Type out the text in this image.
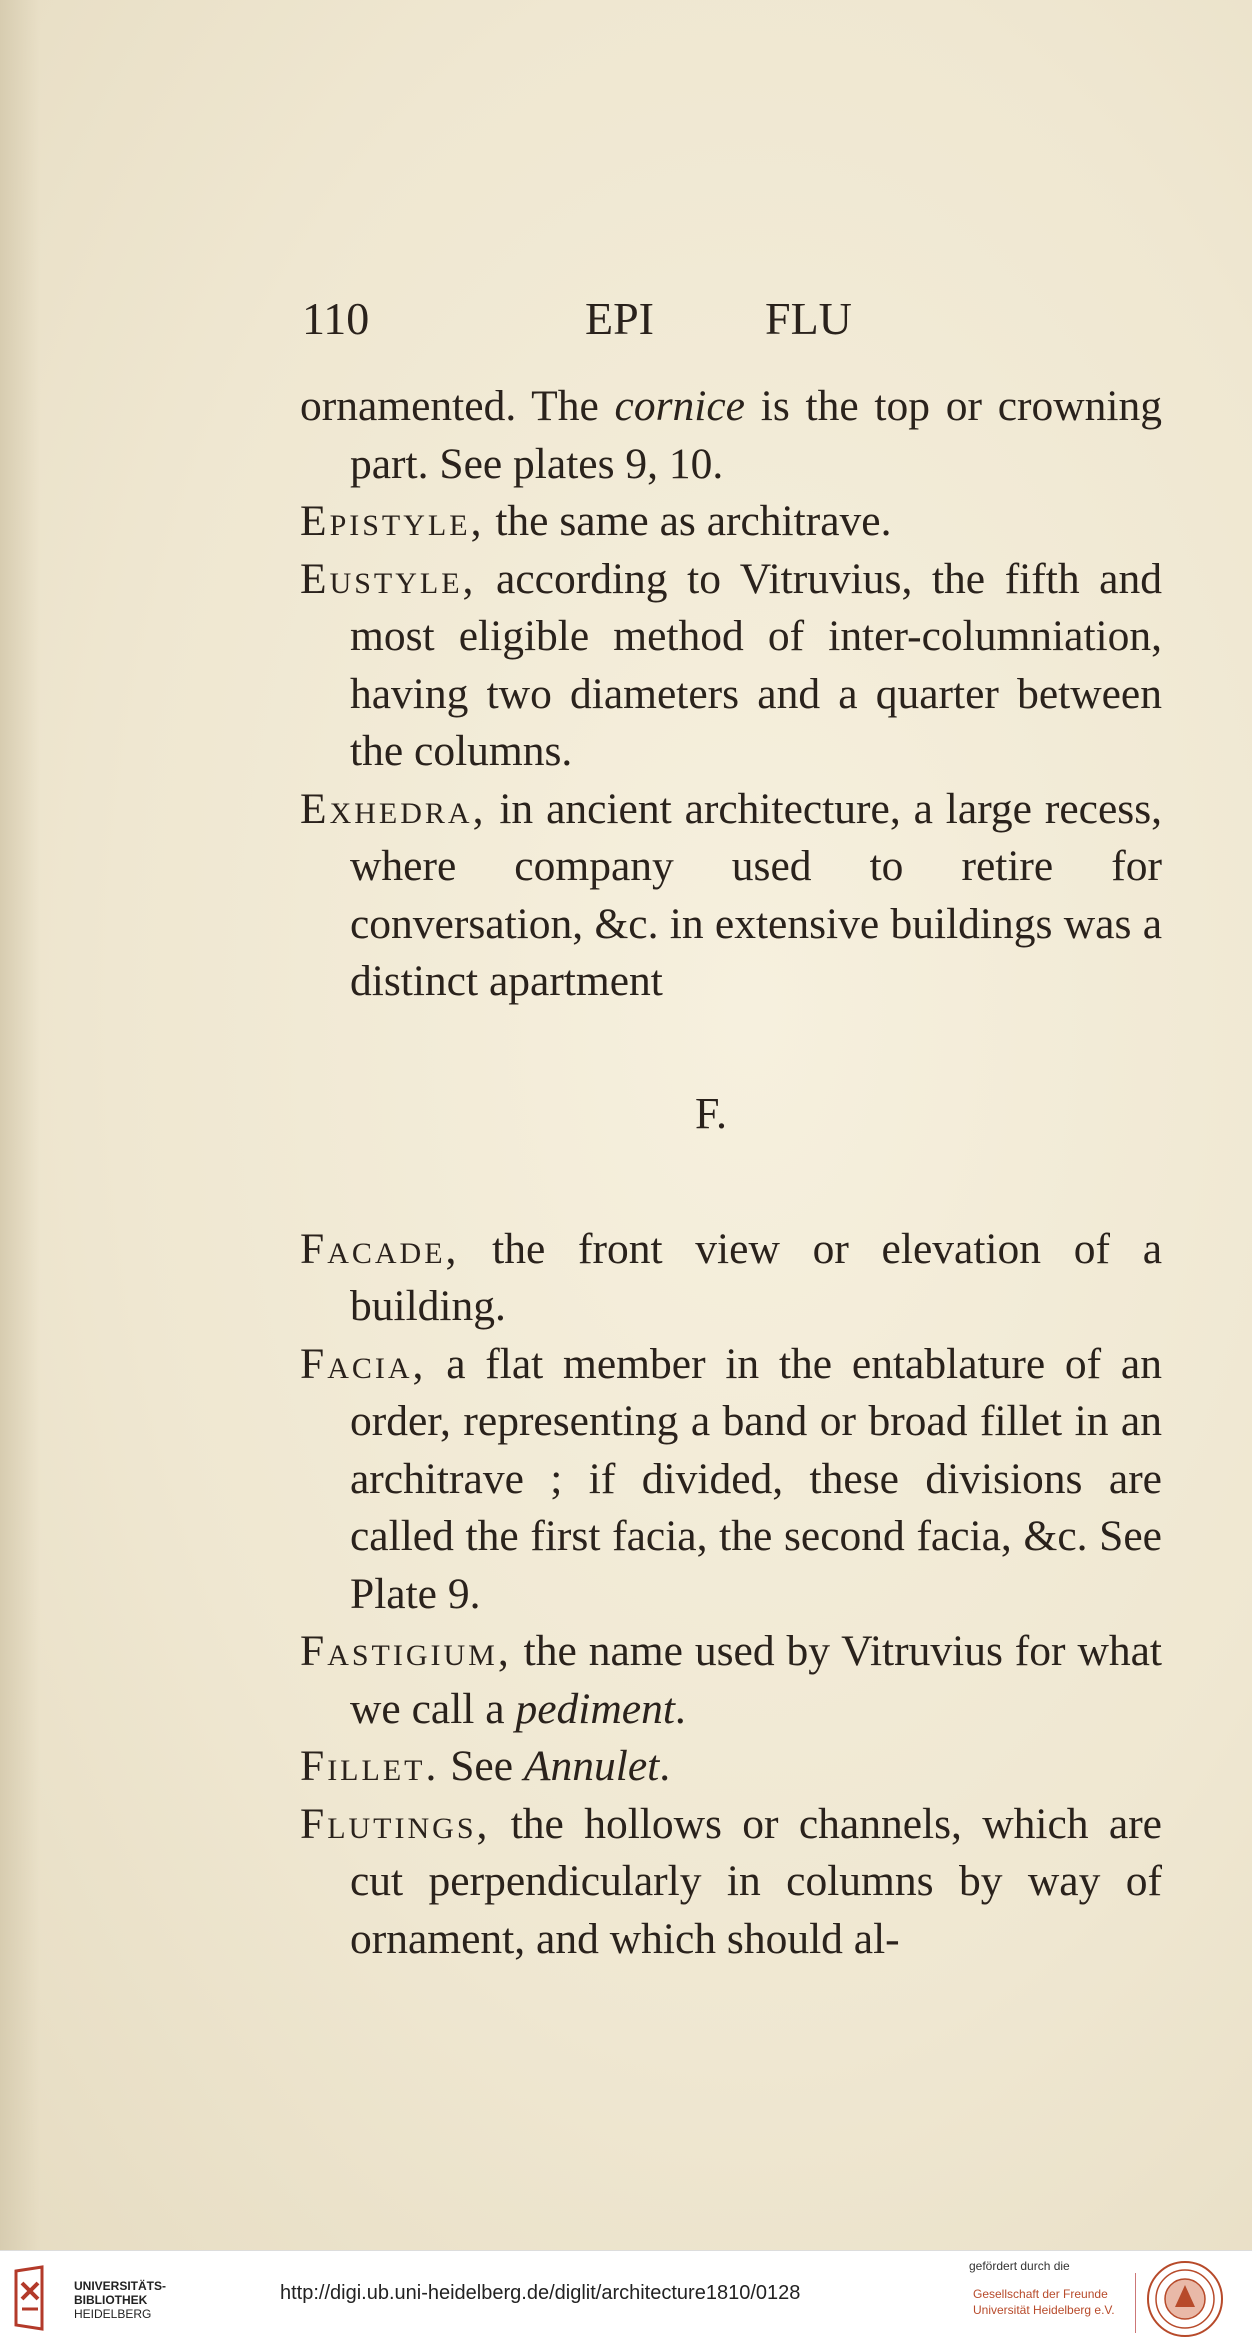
110	EPI FLU

ornamented. The cornice is the top or crowning part. See plates 9, 10.

Epistyle, the same as architrave.

Eustyle, according to Vitruvius, the fifth and most eligible method of inter-columniation, having two diameters and a quarter between the columns.

Exhedra, in ancient architecture, a large recess, where company used to retire for conversation, &c. in extensive buildings was a distinct apartment

F.

Facade, the front view or elevation of a building.

Facia, a flat member in the entablature of an order, representing a band or broad fillet in an architrave ; if divided, these divisions are called the first facia, the second facia, &c. See Plate 9.

Fastigium, the name used by Vitruvius for what we call a pediment.

Fillet. See Annulet.

Flutings, the hollows or channels, which are cut perpendicularly in columns by way of ornament, and which should al-

UNIVERSITÄTS-
BIBLIOTHEK
HEIDELBERG
http://digi.ub.uni-heidelberg.de/diglit/architecture1810/0128
gefördert durch die
Gesellschaft der Freunde
Universität Heidelberg e.V.
